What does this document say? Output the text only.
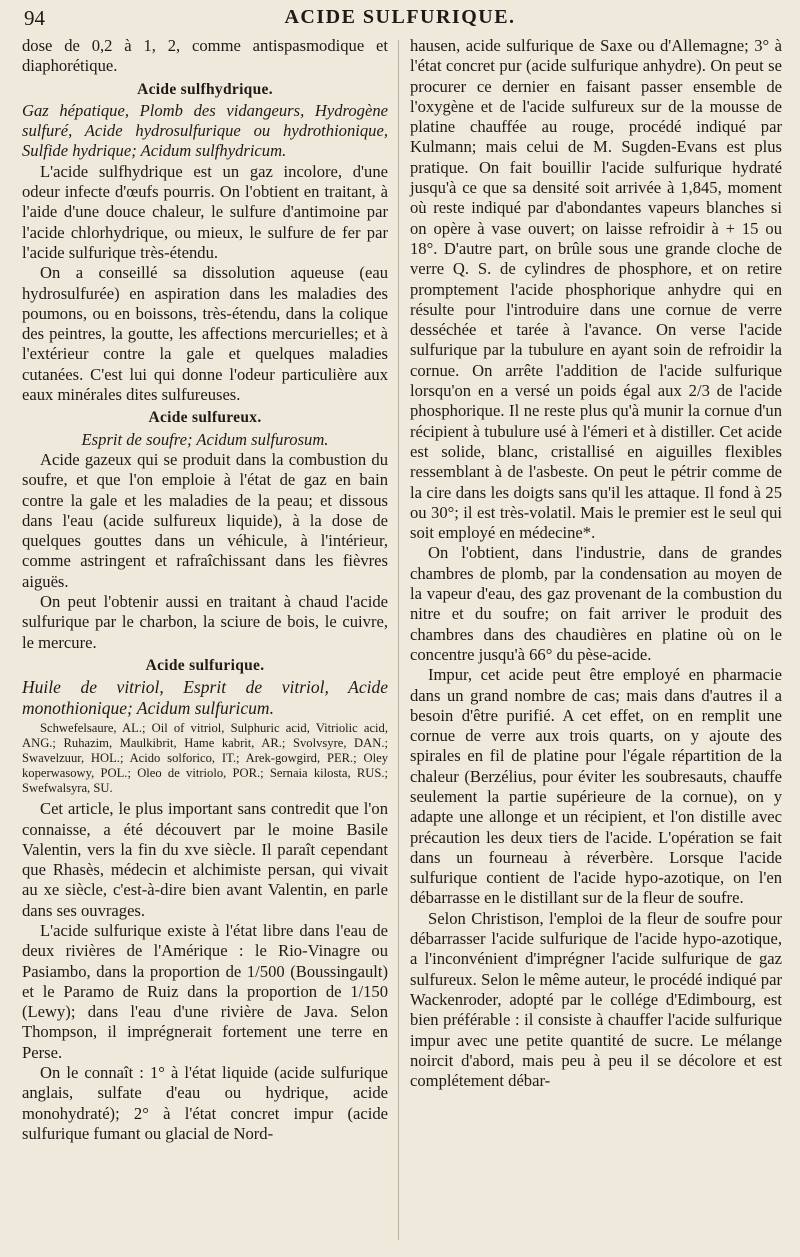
94	ACIDE SULFURIQUE.

dose de 0,2 à 1, 2, comme antispasmodique et diaphorétique.

Acide sulfhydrique.

Gaz hépatique, Plomb des vidangeurs, Hydrogène sulfuré, Acide hydrosulfurique ou hydrothionique, Sulfide hydrique; Acidum sulfhydricum.

L'acide sulfhydrique est un gaz incolore, d'une odeur infecte d'œufs pourris. On l'obtient en traitant, à l'aide d'une douce chaleur, le sulfure d'antimoine par l'acide chlorhydrique, ou mieux, le sulfure de fer par l'acide sulfurique très-étendu.

On a conseillé sa dissolution aqueuse (eau hydrosulfurée) en aspiration dans les maladies des poumons, ou en boissons, très-étendu, dans la colique des peintres, la goutte, les affections mercurielles; et à l'extérieur contre la gale et quelques maladies cutanées. C'est lui qui donne l'odeur particulière aux eaux minérales dites sulfureuses.

Acide sulfureux.

Esprit de soufre; Acidum sulfurosum.

Acide gazeux qui se produit dans la combustion du soufre, et que l'on emploie à l'état de gaz en bain contre la gale et les maladies de la peau; et dissous dans l'eau (acide sulfureux liquide), à la dose de quelques gouttes dans un véhicule, à l'intérieur, comme astringent et rafraîchissant dans les fièvres aiguës.

On peut l'obtenir aussi en traitant à chaud l'acide sulfurique par le charbon, la sciure de bois, le cuivre, le mercure.

Acide sulfurique.

Huile de vitriol, Esprit de vitriol, Acide monothionique; Acidum sulfuricum.

Schwefelsaure, AL.; Oil of vitriol, Sulphuric acid, Vitriolic acid, ANG.; Ruhazim, Maulkibrit, Hame kabrit, AR.; Svolvsyre, DAN.; Swavelzuur, HOL.; Acido solforico, IT.; Arek-gowgird, PER.; Oley koperwasowy, POL.; Oleo de vitriolo, POR.; Sernaia kilosta, RUS.; Swefwalsyra, SU.

Cet article, le plus important sans contredit que l'on connaisse, a été découvert par le moine Basile Valentin, vers la fin du xve siècle. Il paraît cependant que Rhasès, médecin et alchimiste persan, qui vivait au xe siècle, c'est-à-dire bien avant Valentin, en parle dans ses ouvrages.

L'acide sulfurique existe à l'état libre dans l'eau de deux rivières de l'Amérique : le Rio-Vinagre ou Pasiambo, dans la proportion de 1/500 (Boussingault) et le Paramo de Ruiz dans la proportion de 1/150 (Lewy); dans l'eau d'une rivière de Java. Selon Thompson, il imprégnerait fortement une terre en Perse.

On le connaît : 1° à l'état liquide (acide sulfurique anglais, sulfate d'eau ou hydrique, acide monohydraté); 2° à l'état concret impur (acide sulfurique fumant ou glacial de Nord-

hausen, acide sulfurique de Saxe ou d'Allemagne; 3° à l'état concret pur (acide sulfurique anhydre). On peut se procurer ce dernier en faisant passer ensemble de l'oxygène et de l'acide sulfureux sur de la mousse de platine chauffée au rouge, procédé indiqué par Kulmann; mais celui de M. Sugden-Evans est plus pratique. On fait bouillir l'acide sulfurique hydraté jusqu'à ce que sa densité soit arrivée à 1,845, moment où reste indiqué par d'abondantes vapeurs blanches si on opère à vase ouvert; on laisse refroidir à + 15 ou 18°. D'autre part, on brûle sous une grande cloche de verre Q. S. de cylindres de phosphore, et on retire promptement l'acide phosphorique anhydre qui en résulte pour l'introduire dans une cornue de verre desséchée et tarée à l'avance. On verse l'acide sulfurique par la tubulure en ayant soin de refroidir la cornue. On arrête l'addition de l'acide sulfurique lorsqu'on en a versé un poids égal aux 2/3 de l'acide phosphorique. Il ne reste plus qu'à munir la cornue d'un récipient à tubulure usé à l'émeri et à distiller. Cet acide est solide, blanc, cristallisé en aiguilles flexibles ressemblant à de l'asbeste. On peut le pétrir comme de la cire dans les doigts sans qu'il les attaque. Il fond à 25 ou 30°; il est très-volatil. Mais le premier est le seul qui soit employé en médecine*.

On l'obtient, dans l'industrie, dans de grandes chambres de plomb, par la condensation au moyen de la vapeur d'eau, des gaz provenant de la combustion du nitre et du soufre; on fait arriver le produit des chambres dans des chaudières en platine où on le concentre jusqu'à 66° du pèse-acide.

Impur, cet acide peut être employé en pharmacie dans un grand nombre de cas; mais dans d'autres il a besoin d'être purifié. A cet effet, on en remplit une cornue de verre aux trois quarts, on y ajoute des spirales en fil de platine pour l'égale répartition de la chaleur (Berzélius, pour éviter les soubresauts, chauffe seulement la partie supérieure de la cornue), on y adapte une allonge et un récipient, et l'on distille avec précaution les deux tiers de l'acide. L'opération se fait dans un fourneau à réverbère. Lorsque l'acide sulfurique contient de l'acide hypo-azotique, on l'en débarrasse en le distillant sur de la fleur de soufre.

Selon Christison, l'emploi de la fleur de soufre pour débarrasser l'acide sulfurique de l'acide hypo-azotique, a l'inconvénient d'imprégner l'acide sulfurique de gaz sulfureux. Selon le même auteur, le procédé indiqué par Wackenroder, adopté par le collége d'Edimbourg, est bien préférable : il consiste à chauffer l'acide sulfurique impur avec une petite quantité de sucre. Le mélange noircit d'abord, mais peu à peu il se décolore et est complétement débar-
